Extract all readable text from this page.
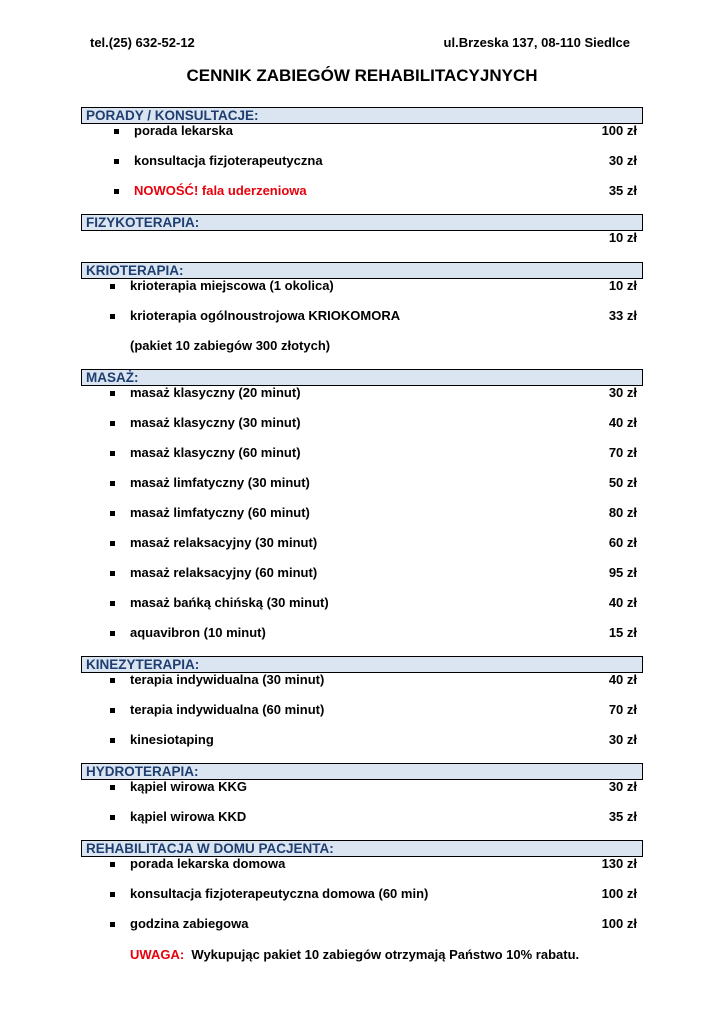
tel.(25) 632-52-12	ul.Brzeska 137, 08-110 Siedlce
CENNIK ZABIEGÓW REHABILITACYJNYCH
PORADY / KONSULTACJE:
porada lekarska	100 zł
konsultacja fizjoterapeutyczna	30 zł
NOWOŚĆ! fala uderzeniowa	35 zł
FIZYKOTERAPIA:
10 zł
KRIOTERAPIA:
krioterapia miejscowa (1 okolica)	10 zł
krioterapia ogólnoustrojowa KRIOKOMORA	33 zł
(pakiet 10 zabiegów 300 złotych)
MASAŻ:
masaż klasyczny (20 minut)	30 zł
masaż klasyczny (30 minut)	40 zł
masaż klasyczny (60 minut)	70 zł
masaż limfatyczny (30 minut)	50 zł
masaż limfatyczny (60 minut)	80 zł
masaż relaksacyjny (30 minut)	60 zł
masaż relaksacyjny (60 minut)	95 zł
masaż bańką chińską (30 minut)	40 zł
aquavibron (10 minut)	15 zł
KINEZYTERAPIA:
terapia indywidualna (30 minut)	40 zł
terapia indywidualna (60 minut)	70 zł
kinesiotaping	30 zł
HYDROTERAPIA:
kąpiel wirowa KKG	30 zł
kąpiel wirowa KKD	35 zł
REHABILITACJA W DOMU PACJENTA:
porada lekarska domowa	130 zł
konsultacja fizjoterapeutyczna domowa (60 min)	100 zł
godzina zabiegowa	100 zł
UWAGA: Wykupując pakiet 10 zabiegów otrzymają Państwo 10% rabatu.
